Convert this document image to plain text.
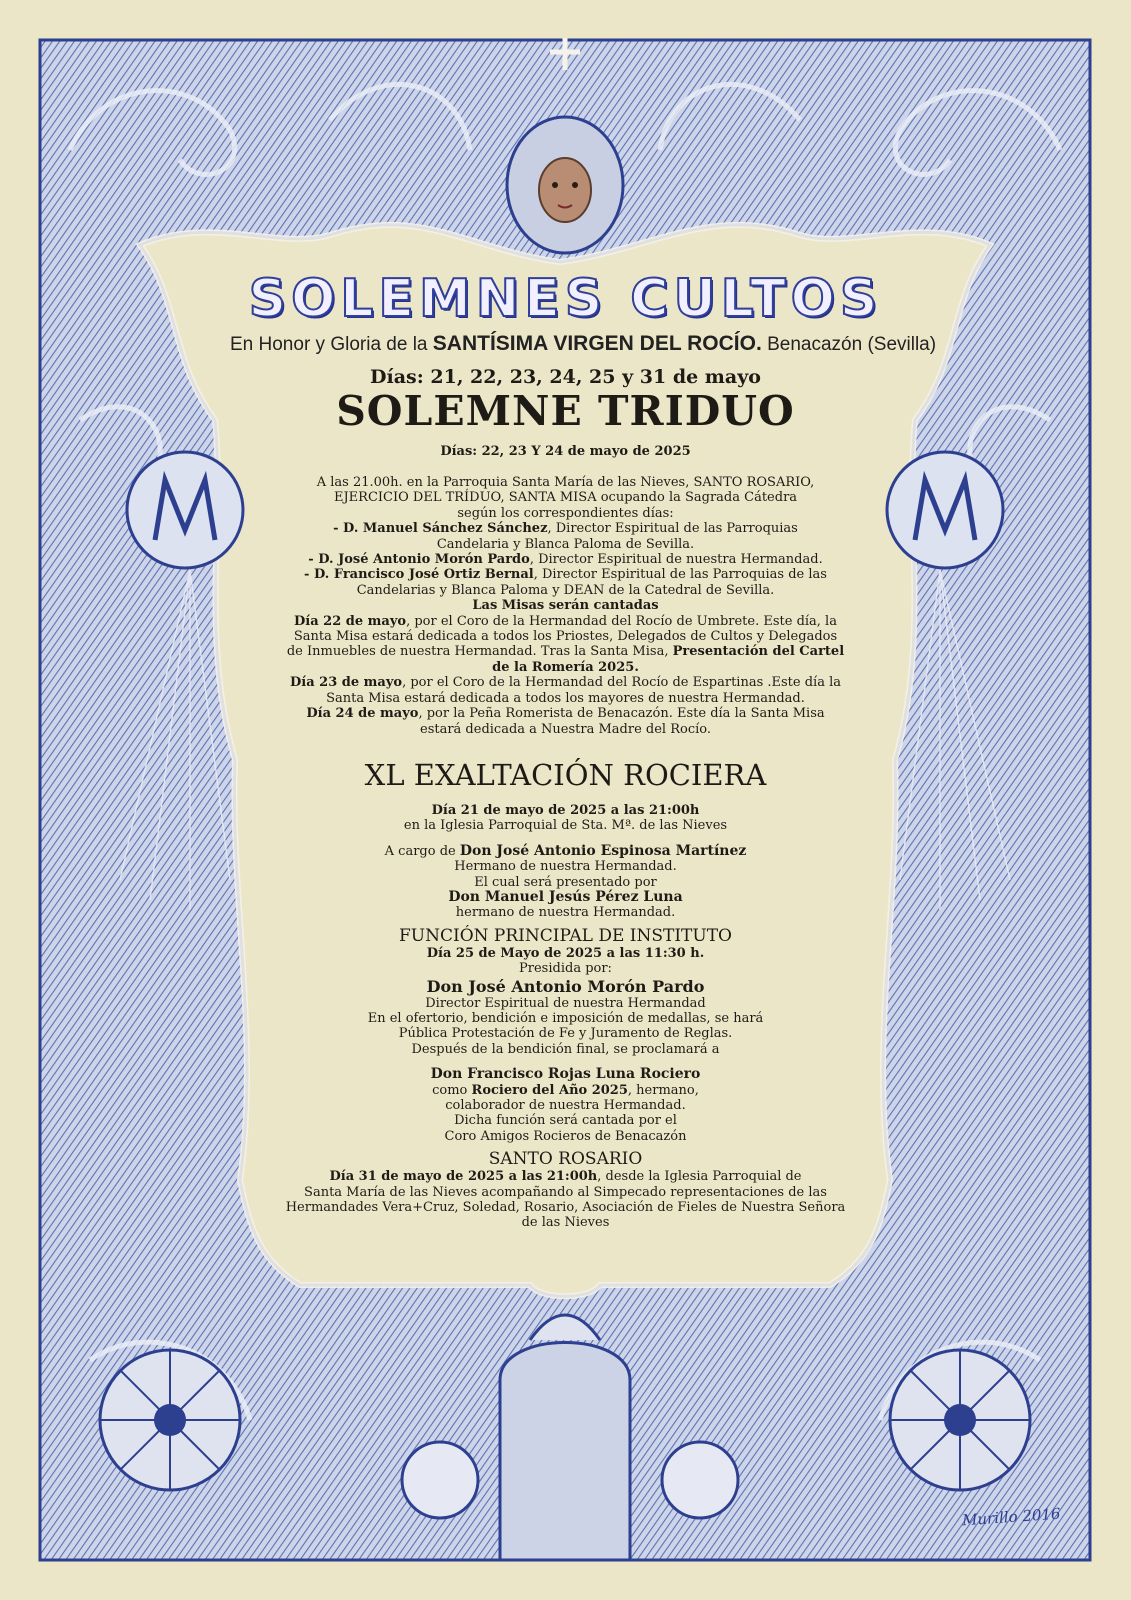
SOLEMNES CULTOS
En Honor y Gloria de la SANTÍSIMA VIRGEN DEL ROCÍO. Benacazón (Sevilla)
Días: 21, 22, 23, 24, 25 y 31 de mayo
SOLEMNE TRIDUO
Días: 22, 23 Y 24 de mayo de 2025
A las 21.00h. en la Parroquia Santa María de las Nieves, SANTO ROSARIO,
EJERCICIO DEL TRÍDUO, SANTA MISA ocupando la Sagrada Cátedra
según los correspondientes días:
- D. Manuel Sánchez Sánchez, Director Espiritual de las Parroquias
Candelaria y Blanca Paloma de Sevilla.
- D. José Antonio Morón Pardo, Director Espiritual de nuestra Hermandad.
- D. Francisco José Ortiz Bernal, Director Espiritual de las Parroquias de las
Candelarias y Blanca Paloma y DEAN de la Catedral de Sevilla.
Las Misas serán cantadas
Día 22 de mayo, por el Coro de la Hermandad del Rocío de Umbrete. Este día, la
Santa Misa estará dedicada a todos los Priostes, Delegados de Cultos y Delegados
de Inmuebles de nuestra Hermandad. Tras la Santa Misa, Presentación del Cartel
de la Romería 2025.
Día 23 de mayo, por el Coro de la Hermandad del Rocío de Espartinas .Este día la
Santa Misa estará dedicada a todos los mayores de nuestra Hermandad.
Día 24 de mayo, por la Peña Romerista de Benacazón. Este día la Santa Misa
estará dedicada a Nuestra Madre del Rocío.
XL EXALTACIÓN ROCIERA
Día 21 de mayo de 2025 a las 21:00h
en la Iglesia Parroquial de Sta. Mª. de las Nieves
A cargo de Don José Antonio Espinosa Martínez
Hermano de nuestra Hermandad.
El cual será presentado por
Don Manuel Jesús Pérez Luna
hermano de nuestra Hermandad.
FUNCIÓN PRINCIPAL DE INSTITUTO
Día 25 de Mayo de 2025 a las 11:30 h.
Presidida por:
Don José Antonio Morón Pardo
Director Espiritual de nuestra Hermandad
En el ofertorio, bendición e imposición de medallas, se hará
Pública Protestación de Fe y Juramento de Reglas.
Después de la bendición final, se proclamará a
Don Francisco Rojas Luna Rociero
como Rociero del Año 2025, hermano,
colaborador de nuestra Hermandad.
Dicha función será cantada por el
Coro Amigos Rocieros de Benacazón
SANTO ROSARIO
Día 31 de mayo de 2025 a las 21:00h, desde la Iglesia Parroquial de
Santa María de las Nieves acompañando al Simpecado representaciones de las
Hermandades Vera+Cruz, Soledad, Rosario, Asociación de Fieles de Nuestra Señora
de las Nieves
Murillo 2016
